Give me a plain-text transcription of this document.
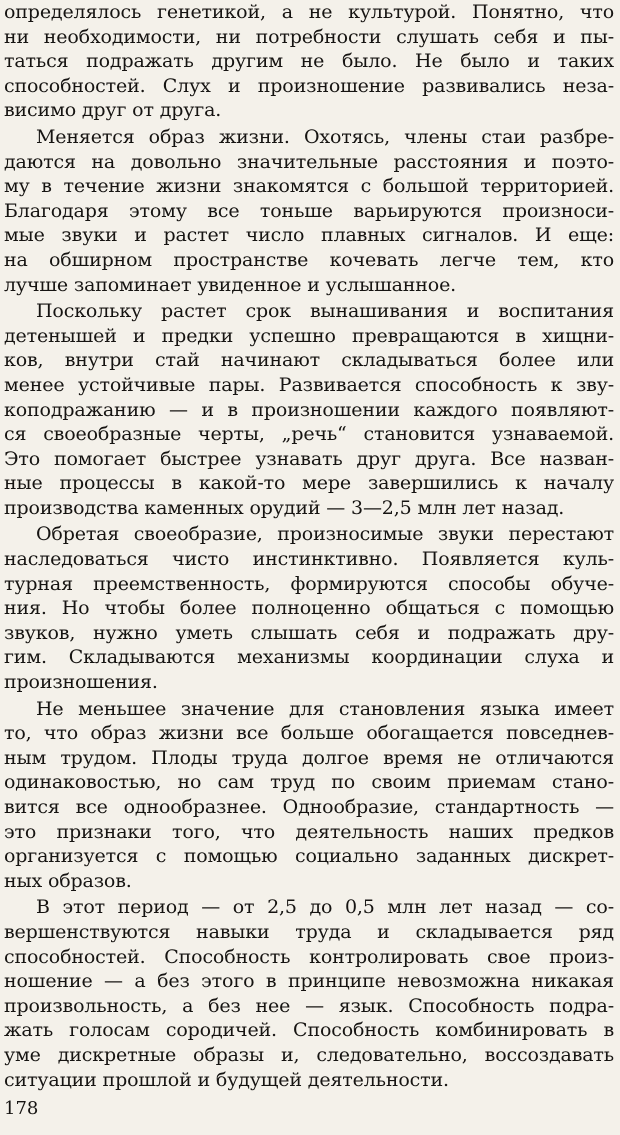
определялось генетикой, а не культурой. Понятно, что
ни необходимости, ни потребности слушать себя и пы-
таться подражать другим не было. Не было и таких
способностей. Слух и произношение развивались неза-
висимо друг от друга.
Меняется образ жизни. Охотясь, члены стаи разбре-
даются на довольно значительные расстояния и поэто-
му в течение жизни знакомятся с большой территорией.
Благодаря этому все тоньше варьируются произноси-
мые звуки и растет число плавных сигналов. И еще:
на обширном пространстве кочевать легче тем, кто
лучше запоминает увиденное и услышанное.
Поскольку растет срок вынашивания и воспитания
детенышей и предки успешно превращаются в хищни-
ков, внутри стай начинают складываться более или
менее устойчивые пары. Развивается способность к зву-
коподражанию — и в произношении каждого появляют-
ся своеобразные черты, „речь“ становится узнаваемой.
Это помогает быстрее узнавать друг друга. Все назван-
ные процессы в какой-то мере завершились к началу
производства каменных орудий — 3—2,5 млн лет назад.
Обретая своеобразие, произносимые звуки перестают
наследоваться чисто инстинктивно. Появляется куль-
турная преемственность, формируются способы обуче-
ния. Но чтобы более полноценно общаться с помощью
звуков, нужно уметь слышать себя и подражать дру-
гим. Складываются механизмы координации слуха и
произношения.
Не меньшее значение для становления языка имеет
то, что образ жизни все больше обогащается повседнев-
ным трудом. Плоды труда долгое время не отличаются
одинаковостью, но сам труд по своим приемам стано-
вится все однообразнее. Однообразие, стандартность —
это признаки того, что деятельность наших предков
организуется с помощью социально заданных дискрет-
ных образов.
В этот период — от 2,5 до 0,5 млн лет назад — со-
вершенствуются навыки труда и складывается ряд
способностей. Способность контролировать свое произ-
ношение — а без этого в принципе невозможна никакая
произвольность, а без нее — язык. Способность подра-
жать голосам сородичей. Способность комбинировать в
уме дискретные образы и, следовательно, воссоздавать
ситуации прошлой и будущей деятельности.
178
